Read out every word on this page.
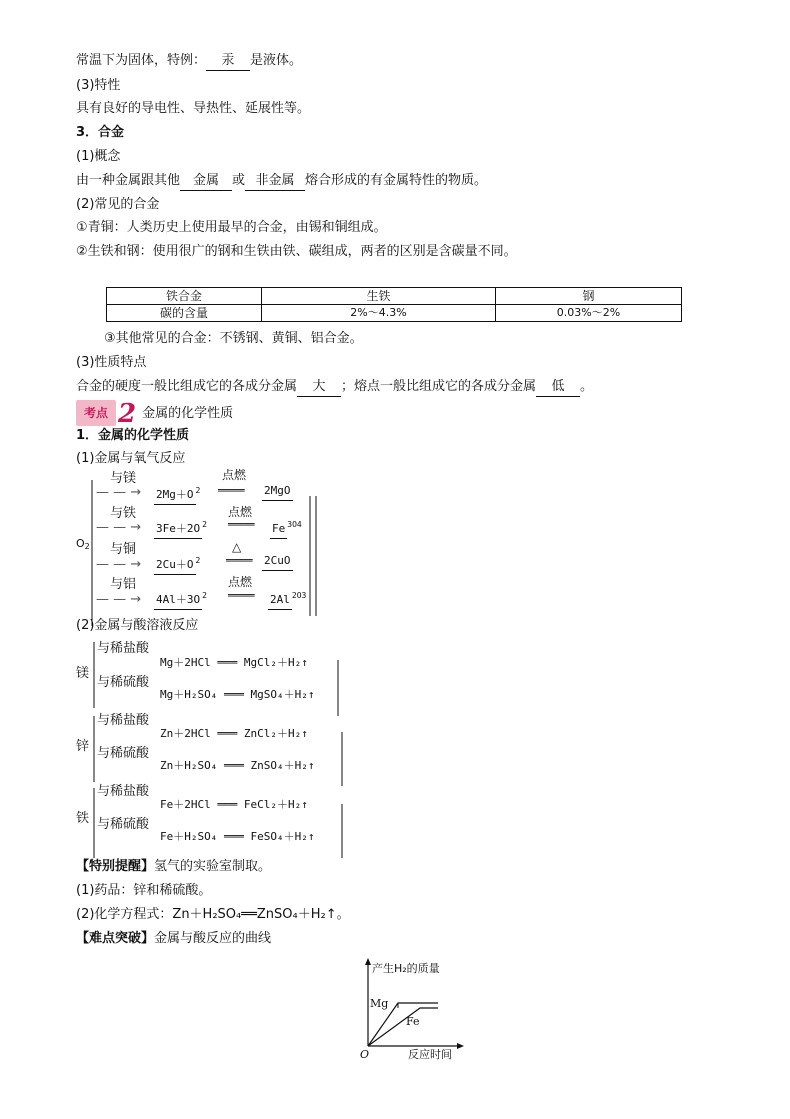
常温下为固体，特例： 汞 是液体。
(3)特性
具有良好的导电性、导热性、延展性等。
3．合金
(1)概念
由一种金属跟其他 金属 或 非金属 熔合形成的有金属特性的物质。
(2)常见的合金
①青铜：人类历史上使用最早的合金，由锡和铜组成。
②生铁和钢：使用很广的钢和生铁由铁、碳组成，两者的区别是含碳量不同。
铁合金	生铁	钢
碳的含量	2%～4.3%	0.03%～2%
③其他常见的合金：不锈钢、黄铜、铝合金。
(3)性质特点
合金的硬度一般比组成它的各成分金属 大 ；熔点一般比组成它的各成分金属 低 。
考点 2 金属的化学性质
1．金属的化学性质
(1)金属与氧气反应
$O_2$
与镁
— — → 2Mg＋O $^2$
点燃
════ 2MgO
与铁
— — → 3Fe＋2O $^2$
点燃
════ Fe $^{3O4}$
与铜
— — → 2Cu＋O $^2$
△
════ 2CuO
与铝
— — → 4Al＋3O $^2$
点燃
════ 2Al $^{2O3}$
(2)金属与酸溶液反应
镁
与稀盐酸
Mg＋2HCl ═══ MgCl₂＋H₂↑
与稀硫酸
Mg＋H₂SO₄ ═══ MgSO₄＋H₂↑
锌
与稀盐酸
Zn＋2HCl ═══ ZnCl₂＋H₂↑
与稀硫酸
Zn＋H₂SO₄ ═══ ZnSO₄＋H₂↑
铁
与稀盐酸
Fe＋2HCl ═══ FeCl₂＋H₂↑
与稀硫酸
Fe＋H₂SO₄ ═══ FeSO₄＋H₂↑
【特别提醒】氢气的实验室制取。
(1)药品：锌和稀硫酸。
(2)化学方程式：Zn＋H₂SO₄══ZnSO₄＋H₂↑。
【难点突破】金属与酸反应的曲线
产生H₂的质量
Mg
Fe
O	反应时间
